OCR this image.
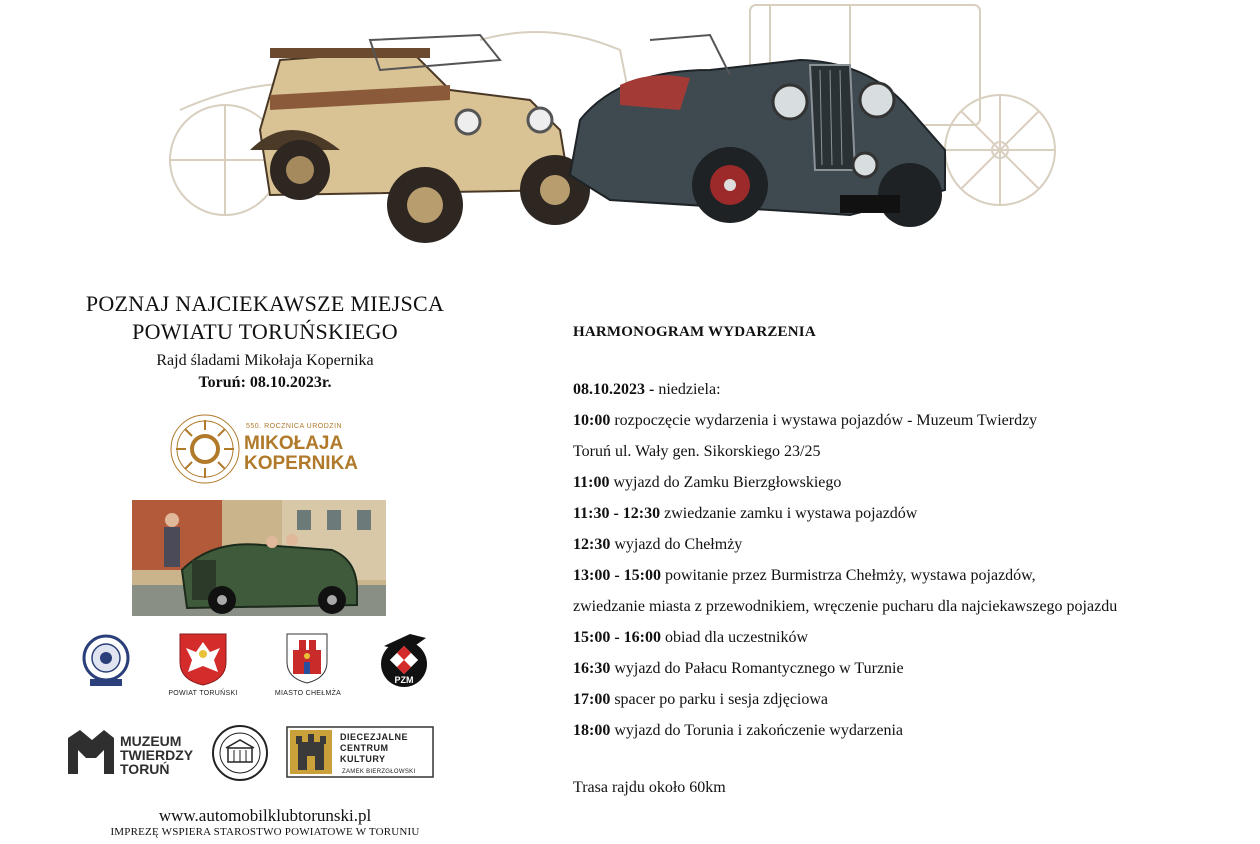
POZNAJ NAJCIEKAWSZE MIEJSCA
POWIATU TORUŃSKIEGO
Rajd śladami Mikołaja Kopernika
Toruń: 08.10.2023r.
550. ROCZNICA URODZIN
MIKOŁAJA
KOPERNIKA
POWIAT TORUŃSKI	MIASTO CHEŁMŻA
PZM
MUZEUM
TWIERDZY
TORUŃ
DIECEZJALNE
CENTRUM
KULTURY
ZAMEK BIERZGŁOWSKI
www.automobilklubtorunski.pl
IMPREZĘ WSPIERA STAROSTWO POWIATOWE W TORUNIU
HARMONOGRAM WYDARZENIA
08.10.2023 - niedziela:
10:00 rozpoczęcie wydarzenia i wystawa pojazdów - Muzeum Twierdzy
Toruń ul. Wały gen. Sikorskiego 23/25
11:00 wyjazd do Zamku Bierzgłowskiego
11:30 - 12:30 zwiedzanie zamku i wystawa pojazdów
12:30 wyjazd do Chełmży
13:00 - 15:00 powitanie przez Burmistrza Chełmży, wystawa pojazdów,
zwiedzanie miasta z przewodnikiem, wręczenie pucharu dla najciekawszego pojazdu
15:00 - 16:00 obiad dla uczestników
16:30 wyjazd do Pałacu Romantycznego w Turznie
17:00 spacer po parku i sesja zdjęciowa
18:00 wyjazd do Torunia i zakończenie wydarzenia
Trasa rajdu około 60km
